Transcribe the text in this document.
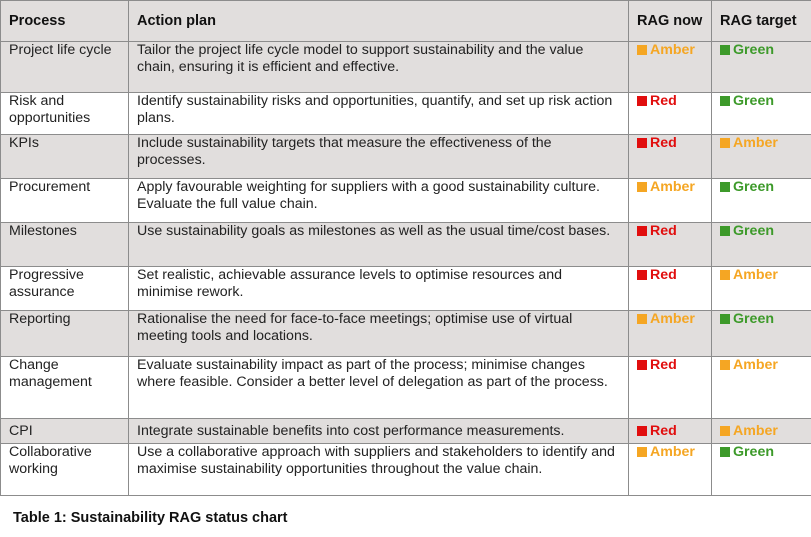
Process	Action plan	RAG now	RAG target
Project life cycle	Tailor the project life cycle model to support sustainability and the value chain, ensuring it is efficient and effective.	Amber	Green
Risk and opportunities	Identify sustainability risks and opportunities, quantify, and set up risk action plans.	Red	Green
KPIs	Include sustainability targets that measure the effectiveness of the processes.	Red	Amber
Procurement	Apply favourable weighting for suppliers with a good sustainability culture. Evaluate the full value chain.	Amber	Green
Milestones	Use sustainability goals as milestones as well as the usual time/cost bases.	Red	Green
Progressive assurance	Set realistic, achievable assurance levels to optimise resources and minimise rework.	Red	Amber
Reporting	Rationalise the need for face-to-face meetings; optimise use of virtual meeting tools and locations.	Amber	Green
Change management	Evaluate sustainability impact as part of the process; minimise changes where feasible. Consider a better level of delegation as part of the process.	Red	Amber
CPI	Integrate sustainable benefits into cost performance measurements.	Red	Amber
Collaborative working	Use a collaborative approach with suppliers and stakeholders to identify and maximise sustainability opportunities throughout the value chain.	Amber	Green
Table 1: Sustainability RAG status chart
